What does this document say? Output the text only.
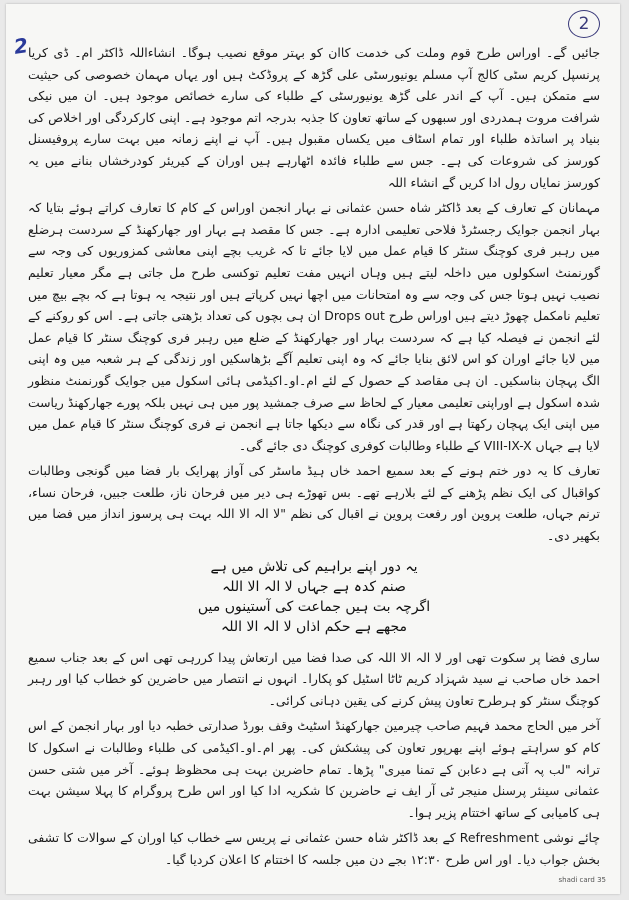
2
2

جائیں گے۔ اوراس طرح قوم وملت کی خدمت کاان کو بہتر موقع نصیب ہوگا۔ انشاءاللہ ڈاکٹر ام۔ ڈی کریا پرنسپل کریم سٹی کالج آپ مسلم یونیورسٹی علی گڑھ کے پروڈکٹ ہیں اور یہاں مہمان خصوصی کی حیثیت سے متمکن ہیں۔ آپ کے اندر علی گڑھ یونیورسٹی کے طلباء کی سارے خصائص موجود ہیں۔ ان میں نیکی شرافت مروت ہمدردی اور سبھوں کے ساتھ تعاون کا جذبہ بدرجہ اتم موجود ہے۔ اپنی کارکردگی اور اخلاص کی بنیاد پر اساتذہ طلباء اور تمام اسٹاف میں یکساں مقبول ہیں۔ آپ نے اپنے زمانہ میں بہت سارے پروفیسنل کورسز کی شروعات کی ہے۔ جس سے طلباء فائدہ اٹھارہے ہیں اوران کے کیریئر کودرخشاں بنانے میں یہ کورسز نمایاں رول ادا کریں گے انشاء اللہ

مہمانان کے تعارف کے بعد ڈاکٹر شاہ حسن عثمانی نے بہار انجمن اوراس کے کام کا تعارف کراتے ہوئے بتایا کہ بہار انجمن جوایک رجسٹرڈ فلاحی تعلیمی ادارہ ہے۔ جس کا مقصد ہے بہار اور جھارکھنڈ کے سردست ہرضلع میں رہبر فری کوچنگ سنٹر کا قیام عمل میں لایا جائے تا کہ غریب بچے اپنی معاشی کمزوریوں کی وجہ سے گورنمنٹ اسکولوں میں داخلہ لیتے ہیں وہاں انہیں مفت تعلیم توکسی طرح مل جاتی ہے مگر معیار تعلیم نصیب نہیں ہوتا جس کی وجہ سے وہ امتحانات میں اچھا نہیں کرپاتے ہیں اور نتیجہ یہ ہوتا ہے کہ بچے بیچ میں تعلیم نامکمل چھوڑ دیتے ہیں اوراس طرح Drops out ان ہی بچوں کی تعداد بڑھتی جاتی ہے۔ اس کو روکنے کے لئے انجمن نے فیصلہ کیا ہے کہ سردست بہار اور جھارکھنڈ کے ضلع میں رہبر فری کوچنگ سنٹر کا قیام عمل میں لایا جائے اوران کو اس لائق بنایا جائے کہ وہ اپنی تعلیم آگے بڑھاسکیں اور زندگی کے ہر شعبہ میں وہ اپنی الگ پہچان بناسکیں۔ ان ہی مقاصد کے حصول کے لئے ام۔او۔اکیڈمی ہائی اسکول میں جوایک گورنمنٹ منظور شدہ اسکول ہے اوراپنی تعلیمی معیار کے لحاظ سے صرف جمشید پور میں ہی نہیں بلکہ پورے جھارکھنڈ ریاست میں اپنی ایک پہچان رکھتا ہے اور قدر کی نگاہ سے دیکھا جاتا ہے انجمن نے فری کوچنگ سنٹر کا قیام عمل میں لایا ہے جہاں VIII-IX-X کے طلباء وطالبات کوفری کوچنگ دی جائے گی۔

تعارف کا یہ دور ختم ہونے کے بعد سمیع احمد خاں ہیڈ ماسٹر کی آواز پھرایک بار فضا میں گونجی وطالبات کواقبال کی ایک نظم پڑھنے کے لئے بلارہے تھے۔ بس تھوڑے ہی دیر میں فرحان ناز، طلعت جبیں، فرحان نساء، ترنم جہاں، طلعت پروین اور رفعت پروین نے اقبال کی نظم "لا الہ الا اللہ بہت ہی پرسوز انداز میں فضا میں بکھیر دی۔

یہ دور اپنے براہیم کی تلاش میں ہے
صنم کدہ ہے جہاں لا الہ الا اللہ
اگرچہ بت ہیں جماعت کی آستینوں میں
مجھے ہے حکم اذاں لا الہ الا اللہ

ساری فضا پر سکوت تھی اور لا الہ الا اللہ کی صدا فضا میں ارتعاش پیدا کررہی تھی اس کے بعد جناب سمیع احمد خاں صاحب نے سید شہزاد کریم ٹاٹا اسٹیل کو پکارا۔ انہوں نے انتصار میں حاضرین کو خطاب کیا اور رہبر کوچنگ سنٹر کو ہرطرح تعاون پیش کرنے کی یقین دہانی کرائی۔

آخر میں الحاج محمد فہیم صاحب چیرمین جھارکھنڈ اسٹیٹ وقف بورڈ صدارتی خطبہ دیا اور بہار انجمن کے اس کام کو سراہتے ہوئے اپنے بھرپور تعاون کی پیشکش کی۔ پھر ام۔او۔اکیڈمی کی طلباء وطالبات نے اسکول کا ترانہ "لب پہ آتی ہے دعابن کے تمنا میری" پڑھا۔ تمام حاضرین بہت ہی محظوظ ہوئے۔ آخر میں شتی حسن عثمانی سینئر پرسنل منیجر ٹی آر ایف نے حاضرین کا شکریہ ادا کیا اور اس طرح پروگرام کا پہلا سیشن بہت ہی کامیابی کے ساتھ اختتام پزیر ہوا۔

چائے نوشی Refreshment کے بعد ڈاکٹر شاہ حسن عثمانی نے پریس سے خطاب کیا اوران کے سوالات کا تشفی بخش جواب دیا۔ اور اس طرح ۱۲:۳۰ بجے دن میں جلسہ کا اختتام کا اعلان کردیا گیا۔

shadi card 35
